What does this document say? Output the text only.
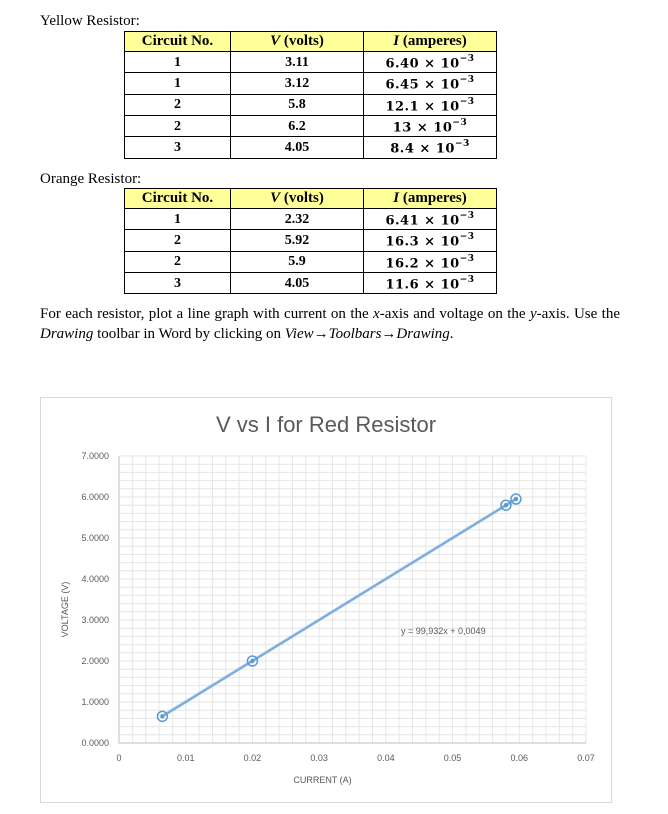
Yellow Resistor:
Circuit No.	V (volts)	I (amperes)
1	3.11	$6.40 \times 10^{-3}$
1	3.12	$6.45 \times 10^{-3}$
2	5.8	$12.1 \times 10^{-3}$
2	6.2	$13 \times 10^{-3}$
3	4.05	$8.4 \times 10^{-3}$
Orange Resistor:
Circuit No.	V (volts)	I (amperes)
1	2.32	$6.41 \times 10^{-3}$
2	5.92	$16.3 \times 10^{-3}$
2	5.9	$16.2 \times 10^{-3}$
3	4.05	$11.6 \times 10^{-3}$
For each resistor, plot a line graph with current on the x-axis and voltage on the y-axis. Use the Drawing toolbar in Word by clicking on View→Toolbars→Drawing.
V vs I for Red Resistor
0.0000
1.0000
2.0000
3.0000
4.0000
5.0000
6.0000
7.0000
0	0.01	0.02	0.03	0.04	0.05	0.06	0.07
CURRENT (A)
VOLTAGE (V)	y = 99,932x + 0,0049
